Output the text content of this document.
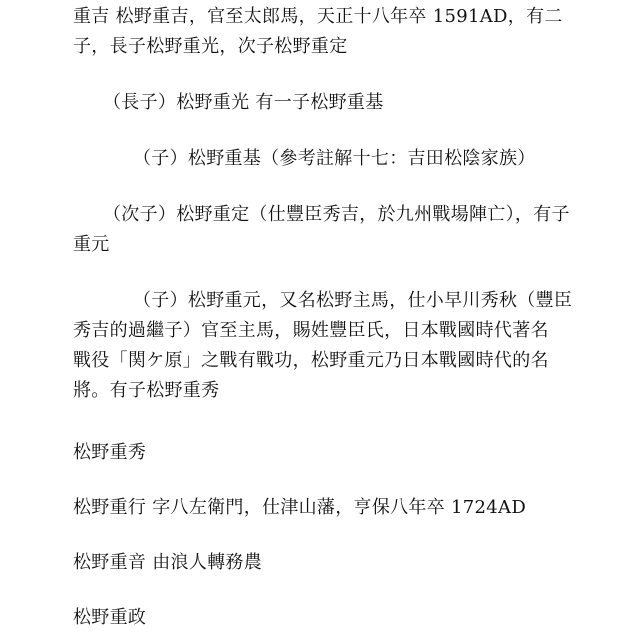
重吉 松野重吉，官至太郎馬，天正十八年卒 1591AD，有二
子，長子松野重光，次子松野重定

（長子）松野重光 有一子松野重基

（子）松野重基（參考註解十七：吉田松陰家族）

（次子）松野重定（仕豐臣秀吉，於九州戰場陣亡），有子
重元

（子）松野重元，又名松野主馬，仕小早川秀秋（豐臣
秀吉的過繼子）官至主馬，賜姓豐臣氏，日本戰國時代著名
戰役「関ケ原」之戰有戰功，松野重元乃日本戰國時代的名
將。有子松野重秀

松野重秀

松野重行 字八左衛門，仕津山藩，亨保八年卒 1724AD

松野重音 由浪人轉務農

松野重政
